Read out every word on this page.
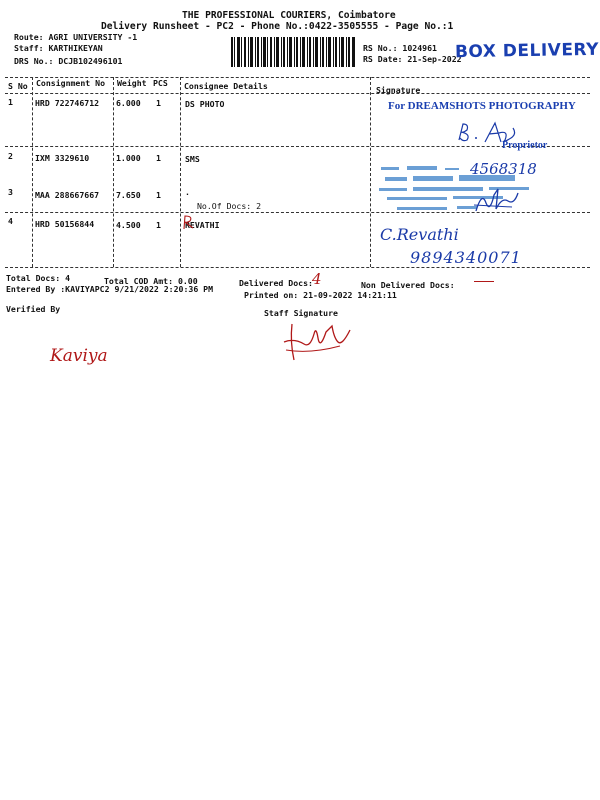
THE PROFESSIONAL COURIERS, Coimbatore
Delivery Runsheet - PC2 - Phone No.:0422-3505555 - Page No.:1
Route: AGRI UNIVERSITY -1
Staff: KARTHIKEYAN
DRS No.: DCJB102496101
RS No.: 1024961
RS Date: 21-Sep-2022
BOX DELIVERY
S No Consignment No Weight PCS Consignee Details	Signature
1	HRD 722746712 6.000 1	DS PHOTO	For DREAMSHOTS PHOTOGRAPHY
Proprietor
2	IXM 3329610	1.000 1	SMS
4568318
3	MAA 288667667 7.650 1	.
No.Of Docs: 2
4	HRD 50156844	4.500 1	REVATHI	C.Revathi
9894340071
Total Docs: 4	Total COD Amt: 0.00	Delivered Docs: 4	Non Delivered Docs:
Entered By :KAVIYAPC2 9/21/2022 2:20:36 PM
Printed on: 21-09-2022 14:21:11
Verified By	Staff Signature
Kaviya
